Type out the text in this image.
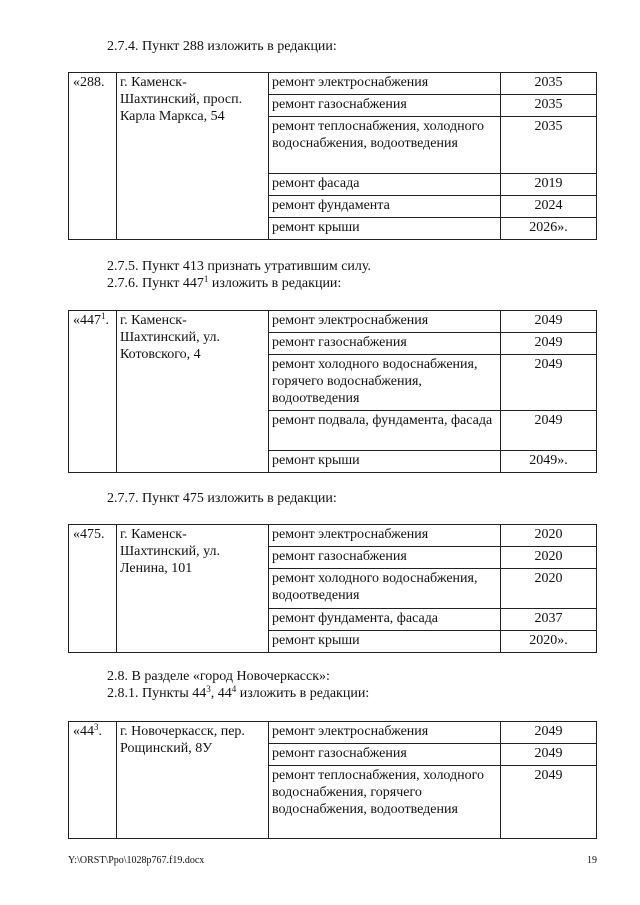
2.7.4. Пункт 288 изложить в редакции:
«288.	г. Каменск-Шахтинский, просп. Карла Маркса, 54	ремонт электроснабжения	2035
		ремонт газоснабжения	2035
		ремонт теплоснабжения, холодного водоснабжения, водоотведения	2035
		ремонт фасада	2019
		ремонт фундамента	2024
		ремонт крыши	2026».
2.7.5. Пункт 413 признать утратившим силу.
2.7.6. Пункт $447^1$ изложить в редакции:
«$447^1$.	г. Каменск-Шахтинский, ул. Котовского, 4	ремонт электроснабжения	2049
		ремонт газоснабжения	2049
		ремонт холодного водоснабжения, горячего водоснабжения, водоотведения	2049
		ремонт подвала, фундамента, фасада	2049
		ремонт крыши	2049».
2.7.7. Пункт 475 изложить в редакции:
«475.	г. Каменск-Шахтинский, ул. Ленина, 101	ремонт электроснабжения	2020
		ремонт газоснабжения	2020
		ремонт холодного водоснабжения, водоотведения	2020
		ремонт фундамента, фасада	2037
		ремонт крыши	2020».
2.8. В разделе «город Новочеркасск»:
2.8.1. Пункты $44^3$, $44^4$ изложить в редакции:
«$44^3$.	г. Новочеркасск, пер. Рощинский, 8У	ремонт электроснабжения	2049
		ремонт газоснабжения	2049
		ремонт теплоснабжения, холодного водоснабжения, горячего водоснабжения, водоотведения	2049
Y:\ORST\Ppo\1028p767.f19.docx	19
